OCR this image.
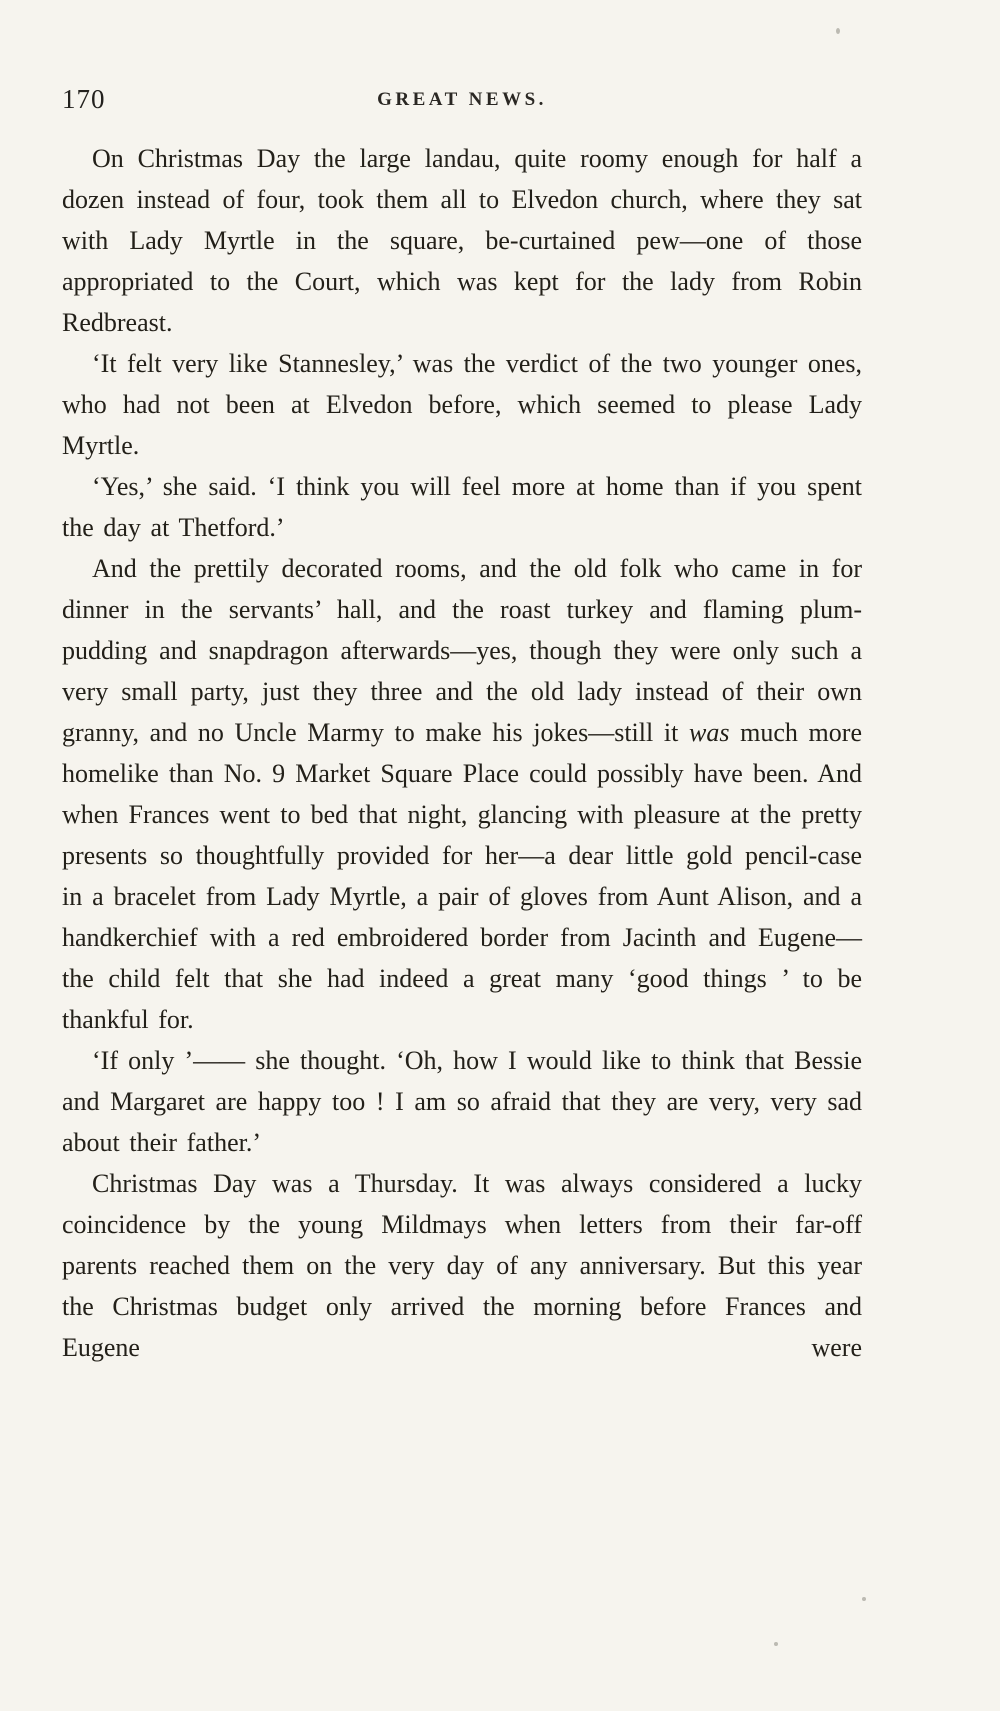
170	GREAT NEWS.

On Christmas Day the large landau, quite roomy enough for half a dozen instead of four, took them all to Elvedon church, where they sat with Lady Myrtle in the square, be-curtained pew—one of those appropriated to the Court, which was kept for the lady from Robin Redbreast.

‘It felt very like Stannesley,’ was the verdict of the two younger ones, who had not been at Elvedon before, which seemed to please Lady Myrtle.

‘Yes,’ she said. ‘I think you will feel more at home than if you spent the day at Thetford.’

And the prettily decorated rooms, and the old folk who came in for dinner in the servants’ hall, and the roast turkey and flaming plum-pudding and snapdragon afterwards—yes, though they were only such a very small party, just they three and the old lady instead of their own granny, and no Uncle Marmy to make his jokes—still it was much more homelike than No. 9 Market Square Place could possibly have been. And when Frances went to bed that night, glancing with pleasure at the pretty presents so thoughtfully provided for her—a dear little gold pencil-case in a bracelet from Lady Myrtle, a pair of gloves from Aunt Alison, and a handkerchief with a red embroidered border from Jacinth and Eugene—the child felt that she had indeed a great many ‘good things ’ to be thankful for.

‘If only ’—— she thought. ‘Oh, how I would like to think that Bessie and Margaret are happy too ! I am so afraid that they are very, very sad about their father.’

Christmas Day was a Thursday. It was always considered a lucky coincidence by the young Mildmays when letters from their far-off parents reached them on the very day of any anniversary. But this year the Christmas budget only arrived the morning before Frances and Eugene were
